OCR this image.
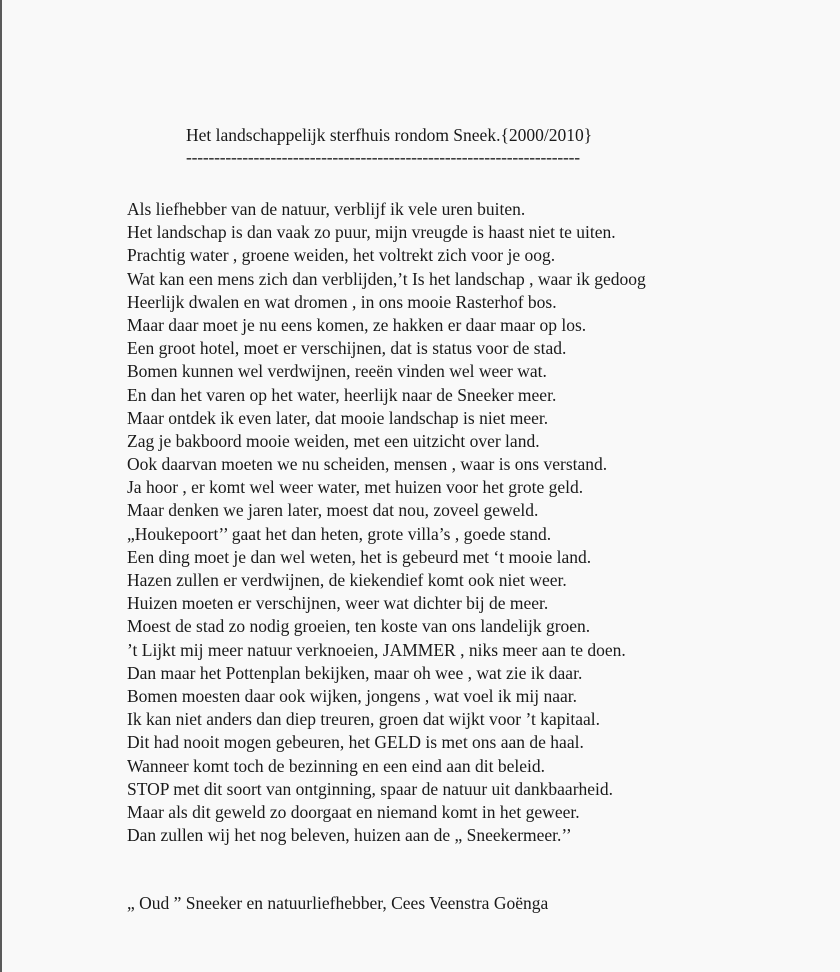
Het landschappelijk sterfhuis rondom Sneek.{2000/2010}
----------------------------------------------------------------------
Als liefhebber van de natuur, verblijf ik vele uren buiten.
Het landschap is dan vaak zo puur, mijn vreugde is haast niet te uiten.
Prachtig water , groene weiden, het voltrekt zich voor je oog.
Wat kan een mens zich dan verblijden,’t Is het landschap , waar ik gedoog
Heerlijk dwalen en wat dromen , in ons mooie Rasterhof bos.
Maar daar moet je nu eens komen, ze hakken er daar maar op los.
Een groot hotel, moet er verschijnen, dat is status voor de stad.
Bomen kunnen wel verdwijnen, reeën vinden wel weer wat.
En dan het varen op het water, heerlijk naar de Sneeker meer.
Maar ontdek ik even later, dat mooie landschap is niet meer.
Zag je bakboord mooie weiden, met een uitzicht over land.
Ook daarvan moeten we nu scheiden, mensen , waar is ons verstand.
Ja hoor , er komt wel weer water, met huizen voor het grote geld.
Maar denken we jaren later, moest dat nou, zoveel geweld.
„Houkepoort’’ gaat het dan heten, grote villa’s , goede stand.
Een ding moet je dan wel weten, het is gebeurd met ‘t mooie land.
Hazen zullen er verdwijnen, de kiekendief komt ook niet weer.
Huizen moeten er verschijnen, weer wat dichter bij de meer.
Moest de stad zo nodig groeien, ten koste van ons landelijk groen.
’t Lijkt mij meer natuur verknoeien, JAMMER , niks meer aan te doen.
Dan maar het Pottenplan bekijken, maar oh wee , wat zie ik daar.
Bomen moesten daar ook wijken, jongens , wat voel ik mij naar.
Ik kan niet anders dan diep treuren, groen dat wijkt voor ’t kapitaal.
Dit had nooit mogen gebeuren, het GELD is met ons aan de haal.
Wanneer komt toch de bezinning en een eind aan dit beleid.
STOP met dit soort van ontginning, spaar de natuur uit dankbaarheid.
Maar als dit geweld zo doorgaat en niemand komt in het geweer.
Dan zullen wij het nog beleven, huizen aan de „ Sneekermeer.’’
„ Oud ” Sneeker en natuurliefhebber, Cees Veenstra Goënga
